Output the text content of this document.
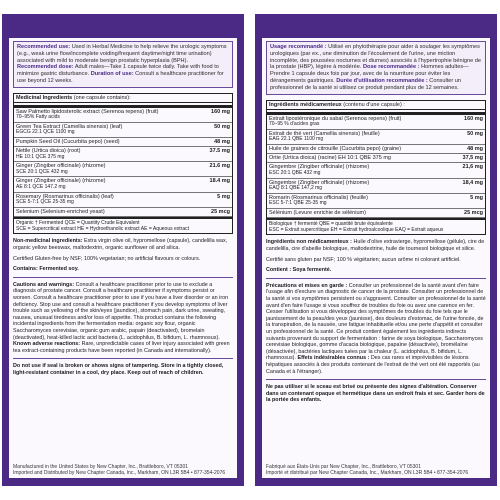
Recommended use: Used in Herbal Medicine to help relieve the urologic symptoms (e.g., weak urine flow/incomplete voiding/frequent daytime/night time urination) associated with mild to moderate benign prostatic hyperplasia (BPH). Recommended dose: Adult males—Take 1 capsule twice daily. Take with food to minimize gastric disturbance. Duration of use: Consult a healthcare practitioner for use beyond 12 weeks.
Medicinal Ingredients (one capsule contains):
Saw Palmetto lipidosterolic extract (Serenoa repens) (fruit)
70–95% Fatty acids
160 mg
Green Tea Extract (Camellia sinensis) (leaf)
EGCG 22.1 QCE 1100 mg
50 mg
Pumpkin Seed Oil (Cucurbita pepo) (seed)	48 mg
Nettle (Urtica dioica) (root)
HE 10:1 QCE 375 mg
37.5 mg
Ginger (Zingiber officinale) (rhizome)
SCE 20:1 QCE 432 mg
21.6 mg
Ginger (Zingiber officinale) (rhizome)
AE 8:1 QCE 147.2 mg
18.4 mg
Rosemary (Rosmarinus officinalis) (leaf)
SCE 5-7:1 QCE 25-35 mg
5 mg
Selenium (Selenium-enriched yeast)	25 mcg
Organic † Fermented QCE = Quantity Crude Equivalent
SCE = Supercritical extract HE = Hydroethanolic extract AE = Aqueous extract
Non-medicinal ingredients: Extra virgin olive oil, hypromellose (capsule), candelilla wax, organic yellow beeswax, maltodextrin, organic sunflower oil and silica.
Certified Gluten-free by NSF; 100% vegetarian; no artificial flavours or colours.
Contains: Fermented soy.
Cautions and warnings: Consult a healthcare practitioner prior to use to exclude a diagnosis of prostate cancer. Consult a healthcare practitioner if symptoms persist or worsen. Consult a healthcare practitioner prior to use if you have a liver disorder or an iron deficiency. Stop use and consult a healthcare practitioner if you develop symptoms of liver trouble such as yellowing of the skin/eyes (jaundice), stomach pain, dark urine, sweating, nausea, unusual tiredness and/or loss of appetite. This product contains the following incidental ingredients from the fermentation media: organic soy flour, organic Saccharomyces cerevisiae, organic gum arabic, papain (deactivated), bromelain (deactivated), heat-killed lactic acid bacteria (L. acidophilus, B. bifidum, L. rhamnosus). Known adverse reactions: Rare, unpredictable cases of liver injury associated with green tea extract-containing products have been reported (in Canada and internationally).
Do not use if seal is broken or shows signs of tampering. Store in a tightly closed, light-resistant container in a cool, dry place. Keep out of reach of children.
Manufactured in the United States by New Chapter, Inc., Brattleboro, VT 05301
Imported and Distributed by New Chapter Canada, Inc., Markham, ON L3R 5B4 • 877-354-2076
Usage recommandé : Utilisé en phytothérapie pour aider à soulager les symptômes urologiques (par ex., une diminution de l'écoulement de l'urine, une miction incomplète, des poussées nocturnes et diurnes) associés à l'hypertrophie bénigne de la prostate (HBP), légère à modérée. Dose recommandée : Hommes adultes—Prendre 1 capsule deux fois par jour, avec de la nourriture pour éviter les dérangements gastriques. Durée d'utilisation recommandée : Consulter un professionnel de la santé si utilisez ce produit pendant plus de 12 semaines.
Ingrédients médicamenteux (contenu d'une capsule) :
Extrait lipostéronique du sabal (Serenoa repens) (fruit)
70–95 % d'acides gras
160 mg
Extrait de thé vert (Camellia sinensis) (feuille)
EAG 22.1 QBE 1100 mg
50 mg
Huile de graines de citrouille (Cucurbita pepo) (graine)	48 mg
Ortie (Urtica dioica) (racine) EH 10:1 QBE 375 mg	37,5 mg
Gingembre (Zingiber officinale) (rhizome)
ESC 20:1 QBE 432 mg
21,6 mg
Gingembre (Zingiber officinale) (rhizome)
EAQ 8:1 QBE 147,2 mg
18,4 mg
Romarin (Rosmarinus officinalis) (feuille)
ESC 5-7:1 QBE 25-35 mg
5 mg
Sélénium (Levure enrichie de sélénium)	25 mcg
Biologique † fermenté QBE = quantité brute équivalente
ESC = Extrait supercritique EH = Extrait hydroalcoolique EAQ = Extrait aqueux
Ingrédients non médicamenteux : Huile d'olive extravierge, hypromellose (gélule), cire de candelilla, cire d'abeille biologique, maltodextrine, huile de tournesol biologique et silice.
Certifié sans gluten par NSF; 100 % végétarien; aucun arôme ni colorant artificiel.
Contient : Soya fermenté.
Précautions et mises en garde : Consulter un professionnel de la santé avant d'en faire l'usage afin d'exclure un diagnostic de cancer de la prostate. Consulter un professionnel de la santé si vos symptômes persistent ou s'aggravent. Consulter un professionnel de la santé avant d'en faire l'usage si vous souffrez de troubles du foie ou avez une carence en fer. Cesser l'utilisation si vous développez des symptômes de troubles du foie tels que le jaunissement de la peau/des yeux (jaunisse), des douleurs d'estomac, de l'urine foncée, de la transpiration, de la nausée, une fatigue inhabituelle et/ou une perte d'appétit et consulter un professionnel de la santé. Ce produit contient également les ingrédients indirects suivants provenant du support de fermentation : farine de soya biologique, Saccharomyces cerevisiae biologique, gomme d'acacia biologique, papaïne (désactivée), bromélaïne (désactivée), bactéries lactiques tuées par la chaleur (L. acidophilus, B. bifidum, L. rhamnosus). Effets indésirables connus : Des cas rares et imprévisibles de lésions hépatiques associés à des produits contenant de l'extrait de thé vert ont été rapportés (au Canada et à l'étranger).
Ne pas utiliser si le sceau est brisé ou présente des signes d'altération. Conserver dans un contenant opaque et hermétique dans un endroit frais et sec. Garder hors de la portée des enfants.
Fabriqué aux États-Unis par New Chapter, Inc., Brattleboro, VT 05301
Importé et distribué par New Chapter Canada, Inc., Markham, ON L3R 5B4 • 877-354-2076
